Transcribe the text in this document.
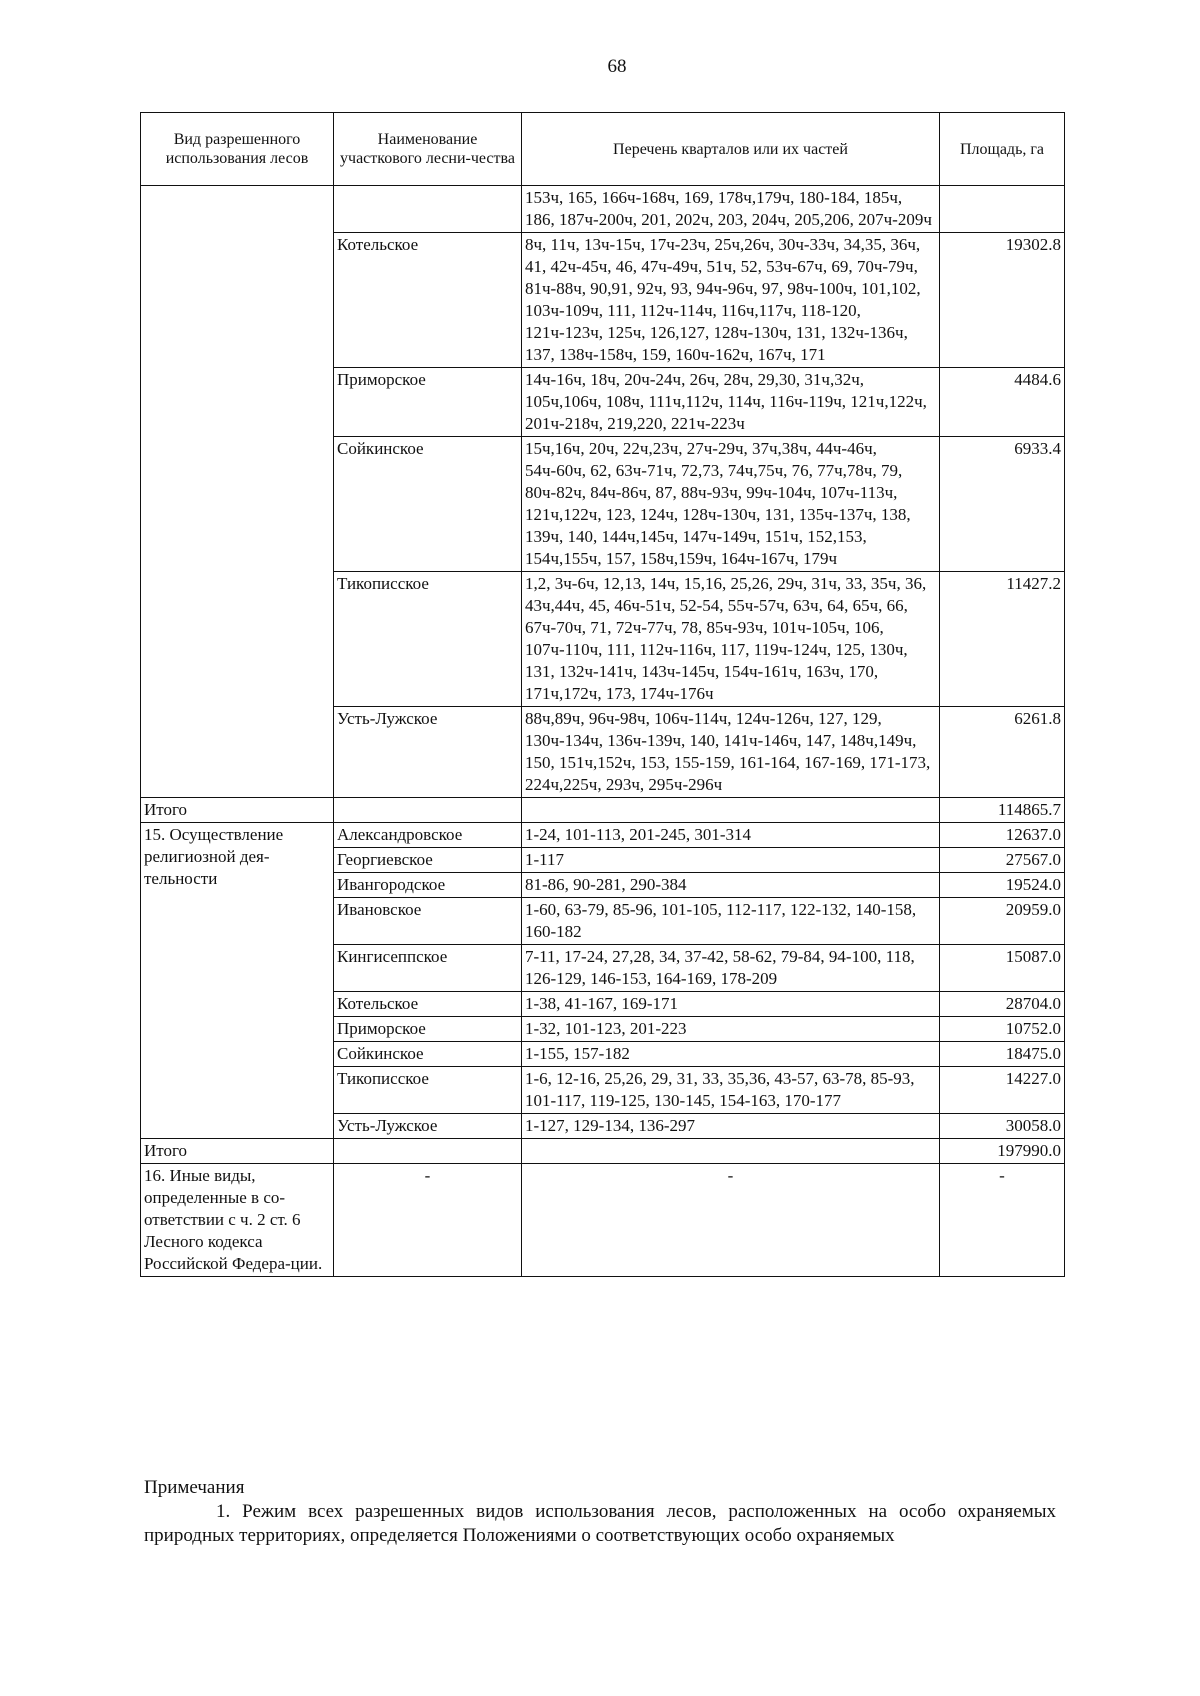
68
Вид разрешенного использования лесов	Наименование участкового лесни-чества	Перечень кварталов или их частей	Площадь, га
		153ч, 165, 166ч-168ч, 169, 178ч,179ч, 180-184, 185ч, 186, 187ч-200ч, 201, 202ч, 203, 204ч, 205,206, 207ч-209ч	
	Котельское	8ч, 11ч, 13ч-15ч, 17ч-23ч, 25ч,26ч, 30ч-33ч, 34,35, 36ч, 41, 42ч-45ч, 46, 47ч-49ч, 51ч, 52, 53ч-67ч, 69, 70ч-79ч, 81ч-88ч, 90,91, 92ч, 93, 94ч-96ч, 97, 98ч-100ч, 101,102, 103ч-109ч, 111, 112ч-114ч, 116ч,117ч, 118-120, 121ч-123ч, 125ч, 126,127, 128ч-130ч, 131, 132ч-136ч, 137, 138ч-158ч, 159, 160ч-162ч, 167ч, 171	19302.8
	Приморское	14ч-16ч, 18ч, 20ч-24ч, 26ч, 28ч, 29,30, 31ч,32ч, 105ч,106ч, 108ч, 111ч,112ч, 114ч, 116ч-119ч, 121ч,122ч, 201ч-218ч, 219,220, 221ч-223ч	4484.6
	Сойкинское	15ч,16ч, 20ч, 22ч,23ч, 27ч-29ч, 37ч,38ч, 44ч-46ч, 54ч-60ч, 62, 63ч-71ч, 72,73, 74ч,75ч, 76, 77ч,78ч, 79, 80ч-82ч, 84ч-86ч, 87, 88ч-93ч, 99ч-104ч, 107ч-113ч, 121ч,122ч, 123, 124ч, 128ч-130ч, 131, 135ч-137ч, 138, 139ч, 140, 144ч,145ч, 147ч-149ч, 151ч, 152,153, 154ч,155ч, 157, 158ч,159ч, 164ч-167ч, 179ч	6933.4
	Тикописское	1,2, 3ч-6ч, 12,13, 14ч, 15,16, 25,26, 29ч, 31ч, 33, 35ч, 36, 43ч,44ч, 45, 46ч-51ч, 52-54, 55ч-57ч, 63ч, 64, 65ч, 66, 67ч-70ч, 71, 72ч-77ч, 78, 85ч-93ч, 101ч-105ч, 106, 107ч-110ч, 111, 112ч-116ч, 117, 119ч-124ч, 125, 130ч, 131, 132ч-141ч, 143ч-145ч, 154ч-161ч, 163ч, 170, 171ч,172ч, 173, 174ч-176ч	11427.2
	Усть-Лужское	88ч,89ч, 96ч-98ч, 106ч-114ч, 124ч-126ч, 127, 129, 130ч-134ч, 136ч-139ч, 140, 141ч-146ч, 147, 148ч,149ч, 150, 151ч,152ч, 153, 155-159, 161-164, 167-169, 171-173, 224ч,225ч, 293ч, 295ч-296ч	6261.8
Итого			114865.7
15. Осуществление религиозной дея-тельности	Александровское	1-24, 101-113, 201-245, 301-314	12637.0
	Георгиевское	1-117	27567.0
	Ивангородское	81-86, 90-281, 290-384	19524.0
	Ивановское	1-60, 63-79, 85-96, 101-105, 112-117, 122-132, 140-158, 160-182	20959.0
	Кингисеппское	7-11, 17-24, 27,28, 34, 37-42, 58-62, 79-84, 94-100, 118, 126-129, 146-153, 164-169, 178-209	15087.0
	Котельское	1-38, 41-167, 169-171	28704.0
	Приморское	1-32, 101-123, 201-223	10752.0
	Сойкинское	1-155, 157-182	18475.0
	Тикописское	1-6, 12-16, 25,26, 29, 31, 33, 35,36, 43-57, 63-78, 85-93, 101-117, 119-125, 130-145, 154-163, 170-177	14227.0
	Усть-Лужское	1-127, 129-134, 136-297	30058.0
Итого			197990.0
16. Иные виды, определенные в со-ответствии с ч. 2 ст. 6 Лесного кодекса Российской Федера-ции.	-	-	-

Примечания

1. Режим всех разрешенных видов использования лесов, расположенных на особо охраняемых природных территориях, определяется Положениями о соответствующих особо охраняемых
